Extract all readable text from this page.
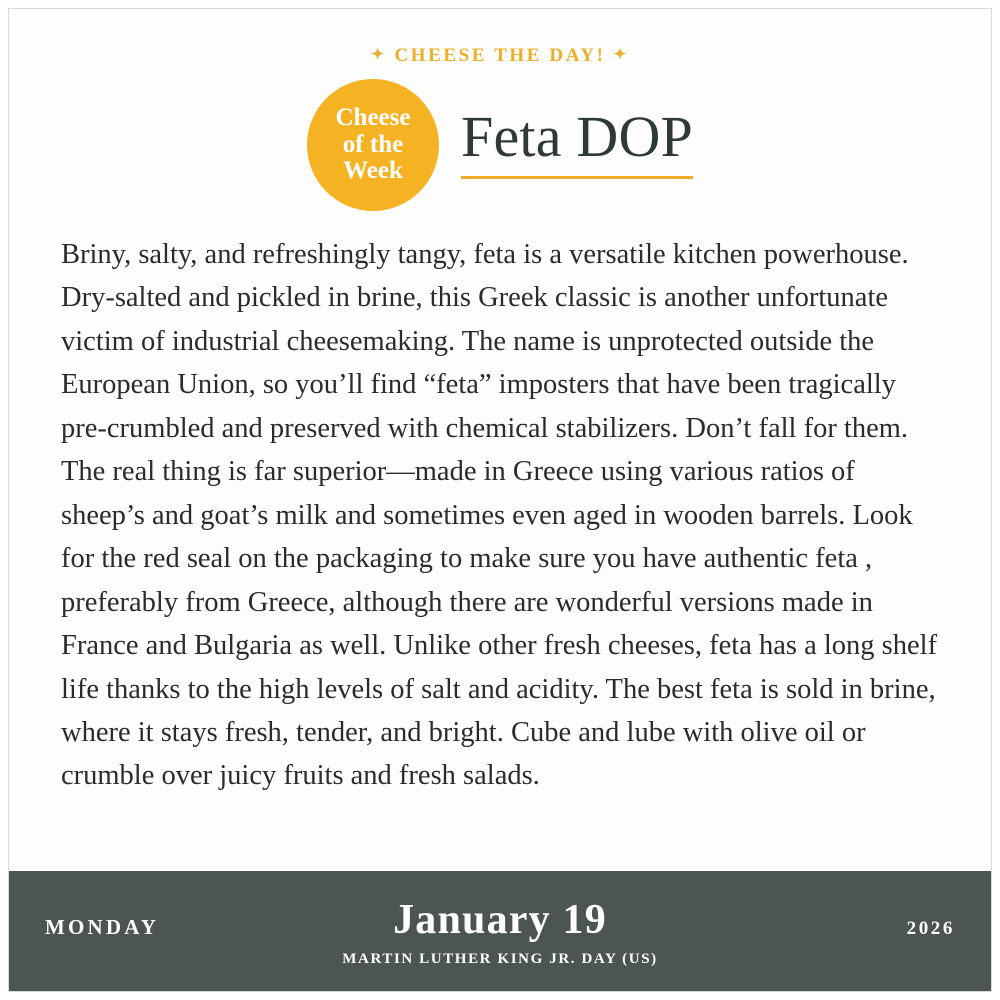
✦ CHEESE THE DAY! ✦
Cheese
of the
Week
Feta DOP

Briny, salty, and refreshingly tangy, feta is a versatile kitchen powerhouse. Dry-salted and pickled in brine, this Greek classic is another unfortunate victim of industrial cheesemaking. The name is unprotected outside the European Union, so you’ll find “feta” imposters that have been tragically pre-crumbled and preserved with chemical stabilizers. Don’t fall for them. The real thing is far superior—made in Greece using various ratios of sheep’s and goat’s milk and sometimes even aged in wooden barrels. Look for the red seal on the packaging to make sure you have authentic feta , preferably from Greece, although there are wonderful versions made in France and Bulgaria as well. Unlike other fresh cheeses, feta has a long shelf life thanks to the high levels of salt and acidity. The best feta is sold in brine, where it stays fresh, tender, and bright. Cube and lube with olive oil or crumble over juicy fruits and fresh salads.

MONDAY	January 19
MARTIN LUTHER KING JR. DAY (US)
2026
